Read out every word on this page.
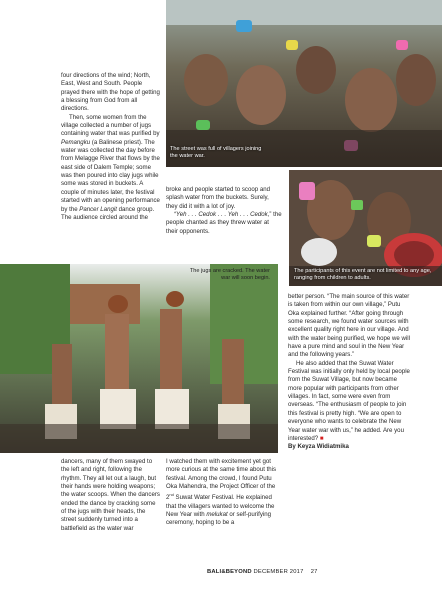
The street was full of villagers joining the water war.
The participants of this event are not limited to any age, ranging from children to adults.
The jugs are cracked. The water war will soon begin.

four directions of the wind; North, East, West and South. People prayed there with the hope of getting a blessing from God from all directions.

Then, some women from the village collected a number of jugs containing water that was purified by Pemangku (a Balinese priest). The water was collected the day before from Melagge River that flows by the east side of Dalem Temple; some was then poured into clay jugs while some was stored in buckets. A couple of minutes later, the festival started with an opening performance by the Pancer Langit dance group. The audience circled around the

broke and people started to scoop and splash water from the buckets. Surely, they did it with a lot of joy.

“Yeh . . . Cedok . . . Yeh . . . Cedok,” the people chanted as they threw water at their opponents.

dancers, many of them swayed to the left and right, following the rhythm. They all let out a laugh, but their hands were holding weapons; the water scoops. When the dancers ended the dance by cracking some of the jugs with their heads, the street suddenly turned into a battlefield as the water war

I watched them with excitement yet got more curious at the same time about this festival. Among the crowd, I found Putu Oka Mahendra, the Project Officer of the 2nd Suwat Water Festival. He explained that the villagers wanted to welcome the New Year with melukat or self-purifying ceremony, hoping to be a

better person. “The main source of this water is taken from within our own village,” Putu Oka explained further. “After going through some research, we found water sources with excellent quality right here in our village. And with the water being purified, we hope we will have a pure mind and soul in the New Year and the following years.”

He also added that the Suwat Water Festival was initially only held by local people from the Suwat Village, but now became more popular with participants from other villages. In fact, some were even from overseas. “The enthusiasm of people to join this festival is pretty high. “We are open to everyone who wants to celebrate the New Year water war with us,” he added. Are you interested? ■

By Keyza Widiatmika

BALI&BEYOND DECEMBER 2017 27
